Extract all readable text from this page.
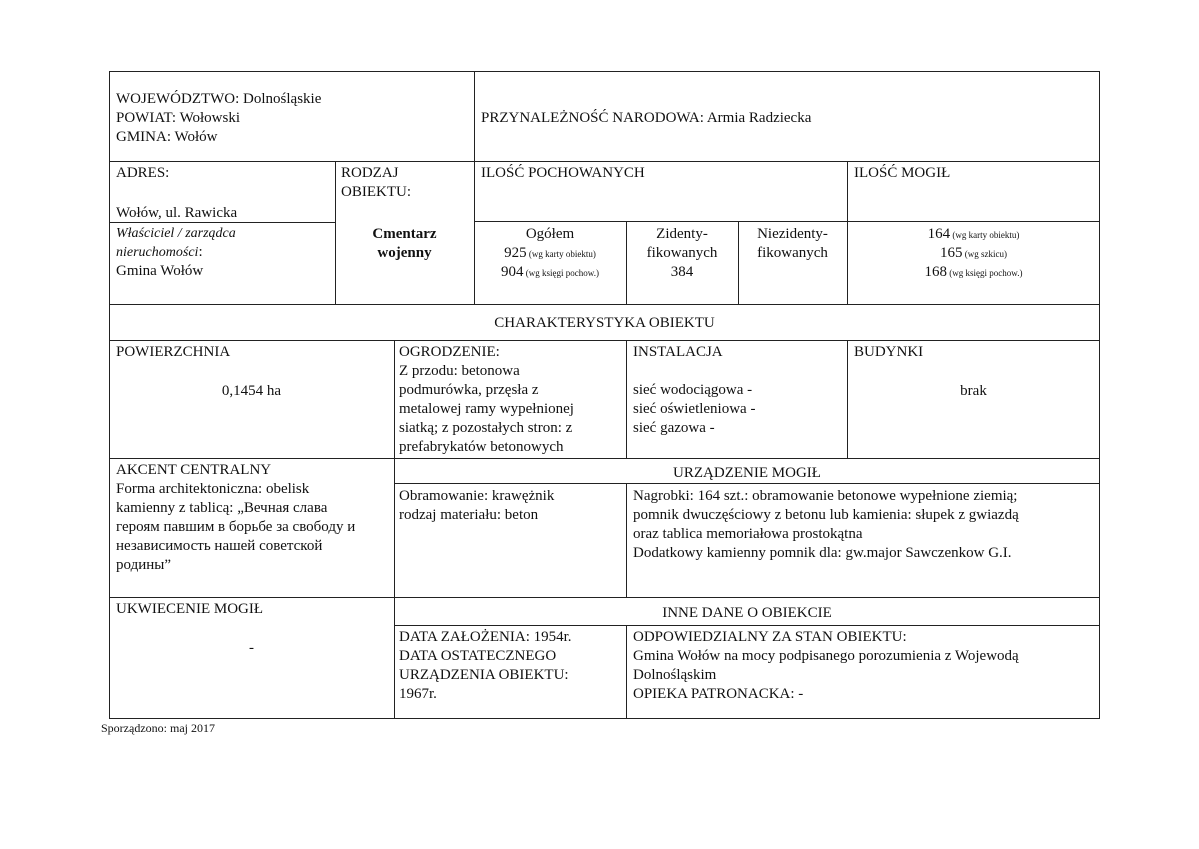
WOJEWÓDZTWO: Dolnośląskie
POWIAT: Wołowski
GMINA: Wołów
PRZYNALEŻNOŚĆ NARODOWA: Armia Radziecka
ADRES:
Wołów, ul. Rawicka
Właściciel / zarządca
nieruchomości:
Gmina Wołów
RODZAJ
OBIEKTU:
Cmentarz
wojenny
ILOŚĆ POCHOWANYCH
Ogółem
925 (wg karty obiektu)
904 (wg księgi pochow.)
Zidenty-
fikowanych
384
Niezidenty-
fikowanych
ILOŚĆ MOGIŁ
164 (wg karty obiektu)
165 (wg szkicu)
168 (wg księgi pochow.)
CHARAKTERYSTYKA OBIEKTU
POWIERZCHNIA
0,1454 ha
OGRODZENIE:
Z przodu: betonowa
podmurówka, przęsła z
metalowej ramy wypełnionej
siatką; z pozostałych stron: z
prefabrykatów betonowych
INSTALACJA
sieć wodociągowa -
sieć oświetleniowa -
sieć gazowa -
BUDYNKI
brak
AKCENT CENTRALNY
Forma architektoniczna: obelisk
kamienny z tablicą: „Вечная слава
героям павшим в борьбе за свободу и
независимость нашей советской
родины”
URZĄDZENIE MOGIŁ
Obramowanie: krawężnik
rodzaj materiału: beton
Nagrobki: 164 szt.: obramowanie betonowe wypełnione ziemią;
pomnik dwuczęściowy z betonu lub kamienia: słupek z gwiazdą
oraz tablica memoriałowa prostokątna
Dodatkowy kamienny pomnik dla: gw.major Sawczenkow G.I.
UKWIECENIE MOGIŁ
-
INNE DANE O OBIEKCIE
DATA ZAŁOŻENIA: 1954r.
DATA OSTATECZNEGO
URZĄDZENIA OBIEKTU:
1967r.
ODPOWIEDZIALNY ZA STAN OBIEKTU:
Gmina Wołów na mocy podpisanego porozumienia z Wojewodą
Dolnośląskim
OPIEKA PATRONACKA: -
Sporządzono: maj 2017
